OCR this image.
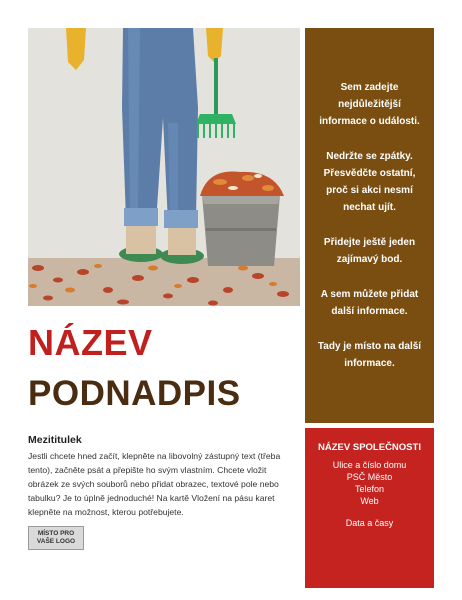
NÁZEV
PODNADPIS
Mezititulek

Jestli chcete hned začít, klepněte na libovolný zástupný text (třeba tento), začněte psát a přepište ho svým vlastním. Chcete vložit obrázek ze svých souborů nebo přidat obrazec, textové pole nebo tabulku? Je to úplně jednoduché! Na kartě Vložení na pásu karet klepněte na možnost, kterou potřebujete.

MÍSTO PRO
VAŠE LOGO

Sem zadejte nejdůležitější informace o události.

Nedržte se zpátky. Přesvědčte ostatní, proč si akci nesmí nechat ujít.

Přidejte ještě jeden zajímavý bod.

A sem můžete přidat další informace.

Tady je místo na další informace.

NÁZEV SPOLEČNOSTI
Ulice a číslo domu
PSČ Město
Telefon
Web
Data a časy
